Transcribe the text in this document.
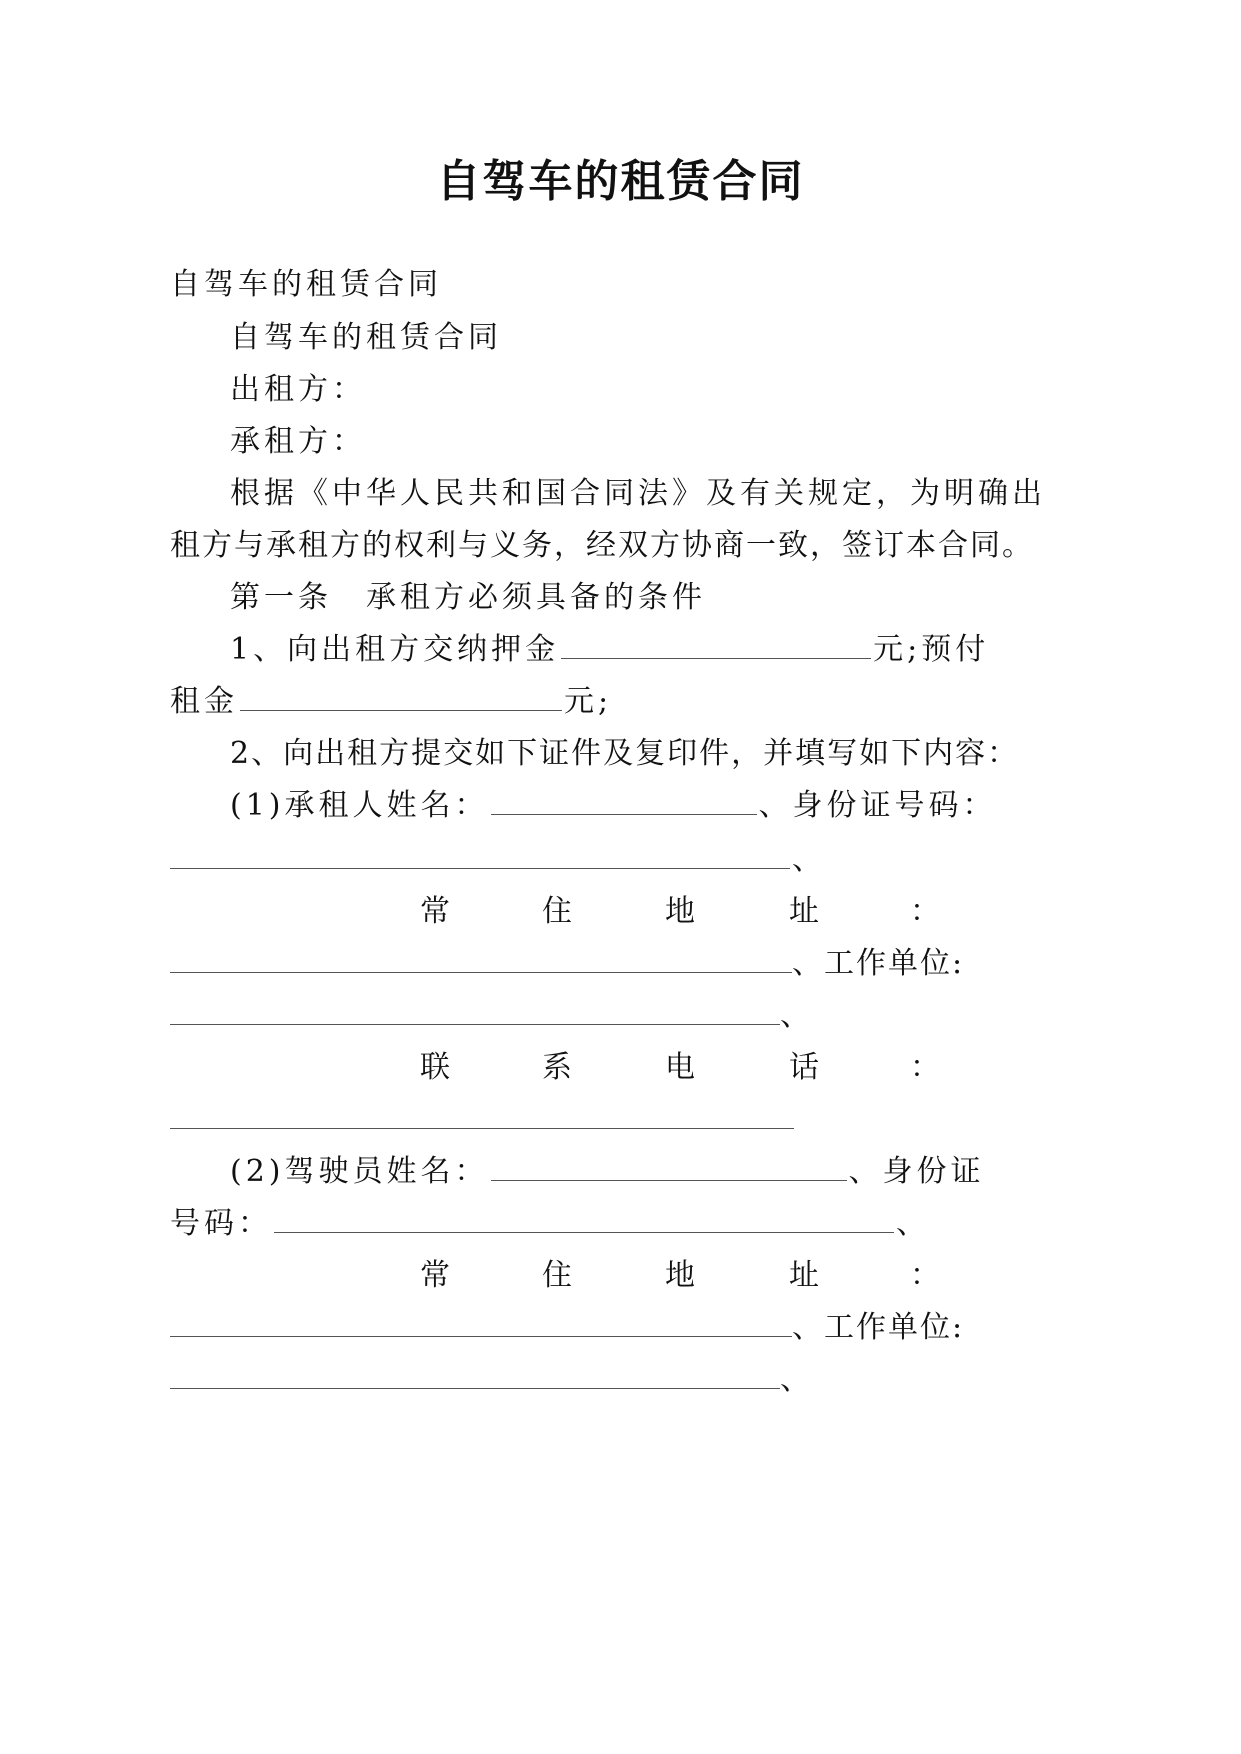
自驾车的租赁合同
自驾车的租赁合同
自驾车的租赁合同
出租方：
承租方：
根据《中华人民共和国合同法》及有关规定，为明确出
租方与承租方的权利与义务，经双方协商一致，签订本合同。
第一条　承租方必须具备的条件
1、向出租方交纳押金	元;预付
租金	元;
2、向出租方提交如下证件及复印件，并填写如下内容：
(1)承租人姓名：	、身份证号码：
、
常	住	地	址	：
、工作单位:
、
联	系	电	话	：
(2)驾驶员姓名：	、身份证
号码：	、
常	住	地	址	：
、工作单位:
、
